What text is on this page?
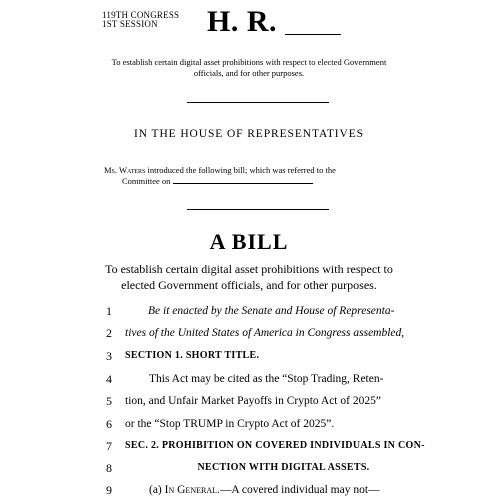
119TH CONGRESS
1ST SESSION	H. R.
To establish certain digital asset prohibitions with respect to elected Government officials, and for other purposes.
IN THE HOUSE OF REPRESENTATIVES
Ms. Waters introduced the following bill; which was referred to the
Committee on
A BILL
To establish certain digital asset prohibitions with respect to elected Government officials, and for other purposes.
1	Be it enacted by the Senate and House of Representa-
2	tives of the United States of America in Congress assembled,
3	SECTION 1. SHORT TITLE.
4	This Act may be cited as the “Stop Trading, Reten-
5	tion, and Unfair Market Payoffs in Crypto Act of 2025”
6	or the “Stop TRUMP in Crypto Act of 2025”.
7	SEC. 2. PROHIBITION ON COVERED INDIVIDUALS IN CON-
8	NECTION WITH DIGITAL ASSETS.
9	(a) In General.—A covered individual may not—
